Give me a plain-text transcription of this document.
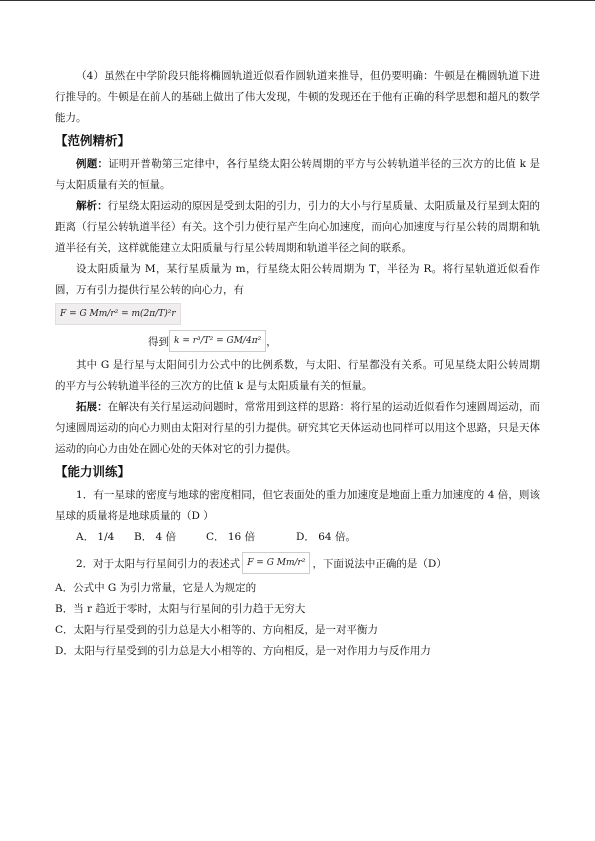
（4）虽然在中学阶段只能将椭圆轨道近似看作圆轨道来推导，但仍要明确：牛顿是在椭圆轨道下进行推导的。牛顿是在前人的基础上做出了伟大发现，牛顿的发现还在于他有正确的科学思想和超凡的数学能力。

【范例精析】

例题：证明开普勒第三定律中，各行星绕太阳公转周期的平方与公转轨道半径的三次方的比值 k 是与太阳质量有关的恒量。

解析：行星绕太阳运动的原因是受到太阳的引力，引力的大小与行星质量、太阳质量及行星到太阳的距离（行星公转轨道半径）有关。这个引力使行星产生向心加速度，而向心加速度与行星公转的周期和轨道半径有关，这样就能建立太阳质量与行星公转周期和轨道半径之间的联系。

设太阳质量为 M，某行星质量为 m，行星绕太阳公转周期为 T，半径为 R。将行星轨道近似看作圆，万有引力提供行星公转的向心力，有

F = G Mm/r² = m(2π/T)²r
得到 k = r³/T² = GM/4π² ，

其中 G 是行星与太阳间引力公式中的比例系数，与太阳、行星都没有关系。可见星绕太阳公转周期的平方与公转轨道半径的三次方的比值 k 是与太阳质量有关的恒量。

拓展：在解决有关行星运动问题时，常常用到这样的思路：将行星的运动近似看作匀速圆周运动，而匀速圆周运动的向心力则由太阳对行星的引力提供。研究其它天体运动也同样可以用这个思路，只是天体运动的向心力由处在圆心处的天体对它的引力提供。

【能力训练】

1．有一星球的密度与地球的密度相同，但它表面处的重力加速度是地面上重力加速度的 4 倍，则该星球的质量将是地球质量的（D ）

A． 1/4	B． 4 倍	C． 16 倍	D． 64 倍。

2．对于太阳与行星间引力的表述式 F = G Mm/r² ，下面说法中正确的是（D）

A．公式中 G 为引力常量，它是人为规定的

B．当 r 趋近于零时，太阳与行星间的引力趋于无穷大

C．太阳与行星受到的引力总是大小相等的、方向相反，是一对平衡力

D．太阳与行星受到的引力总是大小相等的、方向相反，是一对作用力与反作用力
